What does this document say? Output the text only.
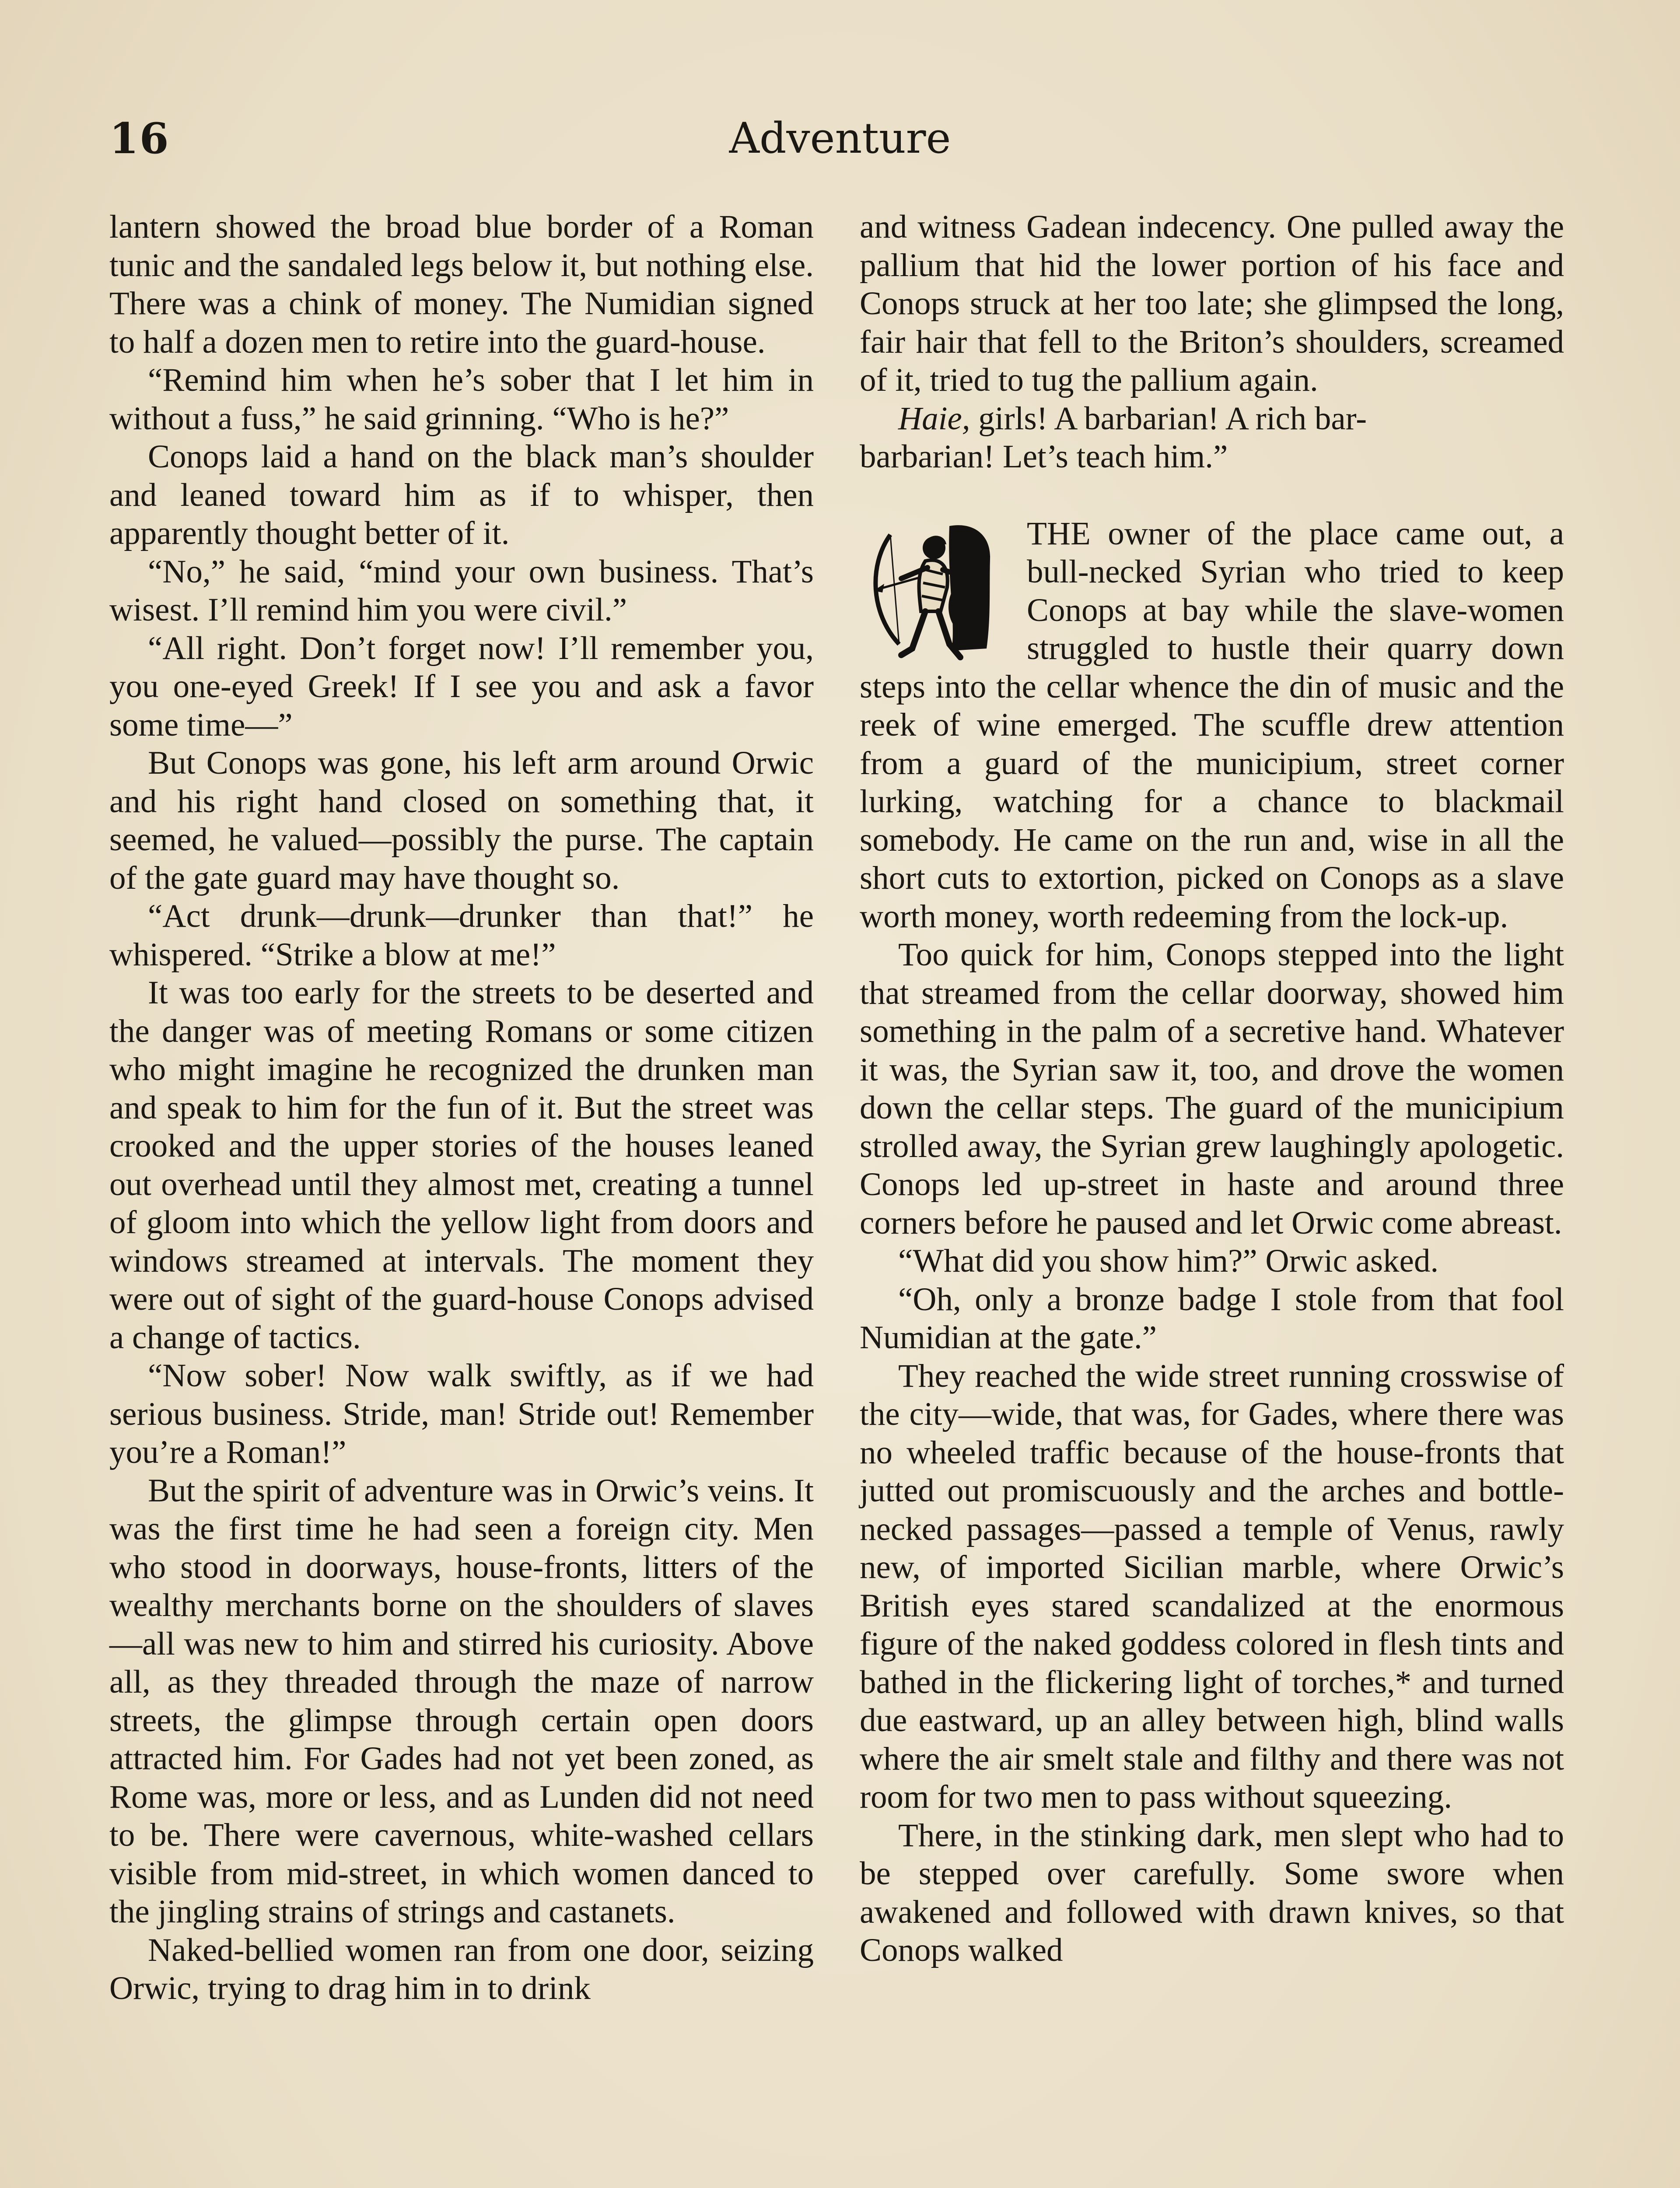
16	Adventure

lantern showed the broad blue border of a Roman tunic and the sandaled legs below it, but nothing else. There was a chink of money. The Numidian signed to half a dozen men to retire into the guard-house.

“Remind him when he’s sober that I let him in without a fuss,” he said grinning. “Who is he?”

Conops laid a hand on the black man’s shoulder and leaned toward him as if to whisper, then apparently thought better of it.

“No,” he said, “mind your own business. That’s wisest. I’ll remind him you were civil.”

“All right. Don’t forget now! I’ll remember you, you one-eyed Greek! If I see you and ask a favor some time—”

But Conops was gone, his left arm around Orwic and his right hand closed on something that, it seemed, he valued—possibly the purse. The captain of the gate guard may have thought so.

“Act drunk—drunk—drunker than that!” he whispered. “Strike a blow at me!”

It was too early for the streets to be deserted and the danger was of meeting Romans or some citizen who might imagine he recognized the drunken man and speak to him for the fun of it. But the street was crooked and the upper stories of the houses leaned out overhead until they almost met, creating a tunnel of gloom into which the yellow light from doors and windows streamed at intervals. The moment they were out of sight of the guard-house Conops advised a change of tactics.

“Now sober! Now walk swiftly, as if we had serious business. Stride, man! Stride out! Remember you’re a Roman!”

But the spirit of adventure was in Orwic’s veins. It was the first time he had seen a foreign city. Men who stood in doorways, house-fronts, litters of the wealthy merchants borne on the shoulders of slaves—all was new to him and stirred his curiosity. Above all, as they threaded through the maze of narrow streets, the glimpse through certain open doors attracted him. For Gades had not yet been zoned, as Rome was, more or less, and as Lunden did not need to be. There were cavernous, white-washed cellars visible from mid-street, in which women danced to the jingling strains of strings and castanets.

Naked-bellied women ran from one door, seizing Orwic, trying to drag him in to drink

and witness Gadean indecency. One pulled away the pallium that hid the lower portion of his face and Conops struck at her too late; she glimpsed the long, fair hair that fell to the Briton’s shoulders, screamed of it, tried to tug the pallium again.

Haie, girls! A barbarian! A rich bar-

barbarian! Let’s teach him.”

THE owner of the place came out, a bull-necked Syrian who tried to keep Conops at bay while the slave-women struggled to hustle their quarry down steps into the cellar whence the din of music and the reek of wine emerged. The scuffle drew attention from a guard of the municipium, street corner lurking, watching for a chance to blackmail somebody. He came on the run and, wise in all the short cuts to extortion, picked on Conops as a slave worth money, worth redeeming from the lock-up.

Too quick for him, Conops stepped into the light that streamed from the cellar doorway, showed him something in the palm of a secretive hand. Whatever it was, the Syrian saw it, too, and drove the women down the cellar steps. The guard of the municipium strolled away, the Syrian grew laughingly apologetic. Conops led up-street in haste and around three corners before he paused and let Orwic come abreast.

“What did you show him?” Orwic asked.

“Oh, only a bronze badge I stole from that fool Numidian at the gate.”

They reached the wide street running crosswise of the city—wide, that was, for Gades, where there was no wheeled traffic because of the house-fronts that jutted out promiscuously and the arches and bottle-necked passages—passed a temple of Venus, rawly new, of imported Sicilian marble, where Orwic’s British eyes stared scandalized at the enormous figure of the naked goddess colored in flesh tints and bathed in the flickering light of torches,* and turned due eastward, up an alley between high, blind walls where the air smelt stale and filthy and there was not room for two men to pass without squeezing.

There, in the stinking dark, men slept who had to be stepped over carefully. Some swore when awakened and followed with drawn knives, so that Conops walked
